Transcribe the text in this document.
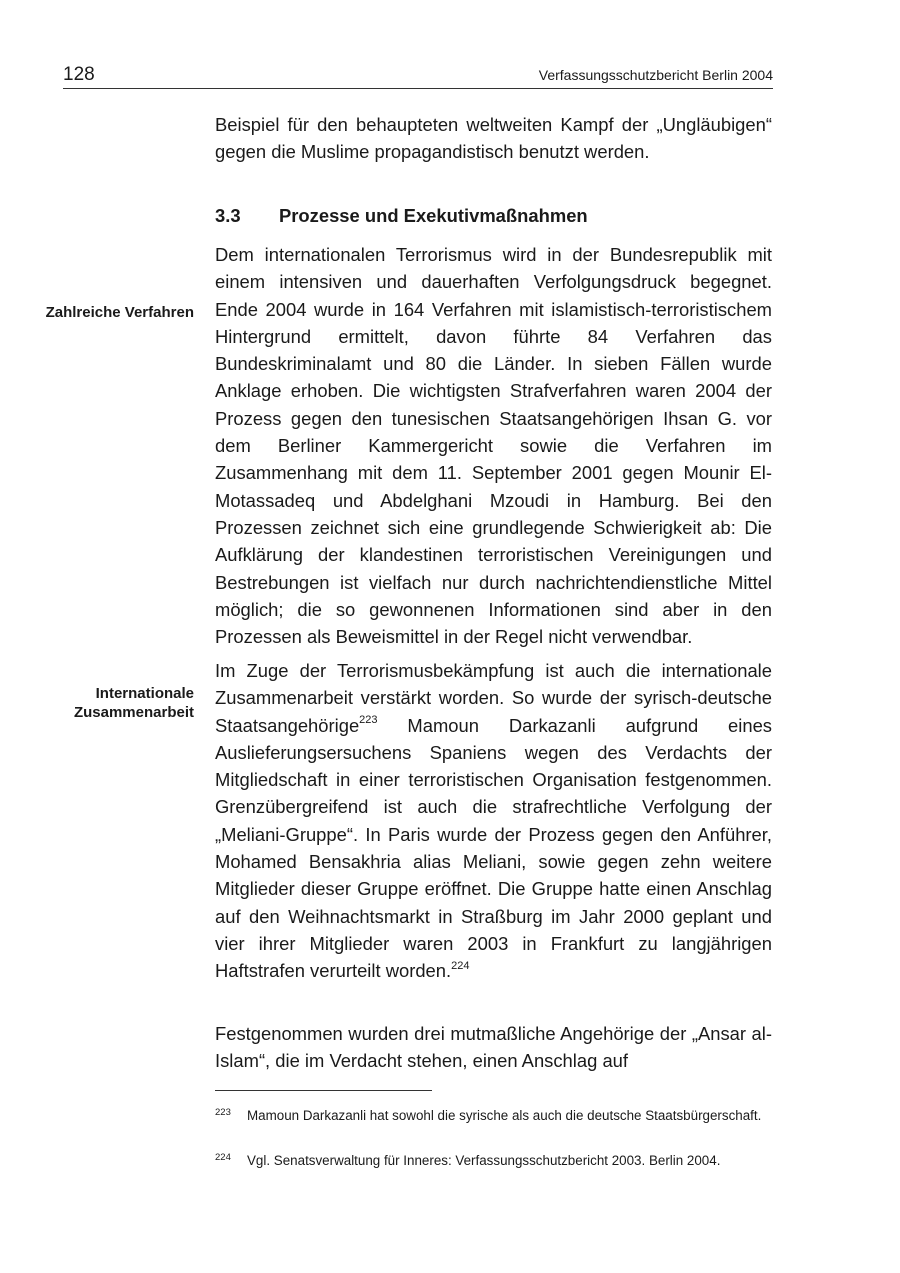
128	Verfassungsschutzbericht Berlin 2004

Beispiel für den behaupteten weltweiten Kampf der „Ungläubigen“ gegen die Muslime propagandistisch benutzt werden.

3.3 Prozesse und Exekutivmaßnahmen
Zahlreiche Verfahren

Dem internationalen Terrorismus wird in der Bundesrepublik mit einem intensiven und dauerhaften Verfolgungsdruck begegnet. Ende 2004 wurde in 164 Verfahren mit islamistisch-terroristischem Hintergrund ermittelt, davon führte 84 Verfahren das Bundeskriminalamt und 80 die Länder. In sieben Fällen wurde Anklage erhoben. Die wichtigsten Strafverfahren waren 2004 der Prozess gegen den tunesischen Staatsangehörigen Ihsan G. vor dem Berliner Kammergericht sowie die Verfahren im Zusammenhang mit dem 11. September 2001 gegen Mounir El-Motassadeq und Abdelghani Mzoudi in Hamburg. Bei den Prozessen zeichnet sich eine grundlegende Schwierigkeit ab: Die Aufklärung der klandestinen terroristischen Vereinigungen und Bestrebungen ist vielfach nur durch nachrichtendienstliche Mittel möglich; die so gewonnenen Informationen sind aber in den Prozessen als Beweismittel in der Regel nicht verwendbar.

Internationale
Zusammenarbeit

Im Zuge der Terrorismusbekämpfung ist auch die internationale Zusammenarbeit verstärkt worden. So wurde der syrisch-deutsche Staatsangehörige$^{223}$ Mamoun Darkazanli aufgrund eines Auslieferungsersuchens Spaniens wegen des Verdachts der Mitgliedschaft in einer terroristischen Organisation festgenommen. Grenzübergreifend ist auch die strafrechtliche Verfolgung der „Meliani-Gruppe“. In Paris wurde der Prozess gegen den Anführer, Mohamed Bensakhria alias Meliani, sowie gegen zehn weitere Mitglieder dieser Gruppe eröffnet. Die Gruppe hatte einen Anschlag auf den Weihnachtsmarkt in Straßburg im Jahr 2000 geplant und vier ihrer Mitglieder waren 2003 in Frankfurt zu langjährigen Haftstrafen verurteilt worden.$^{224}$

Festgenommen wurden drei mutmaßliche Angehörige der „Ansar al-Islam“, die im Verdacht stehen, einen Anschlag auf

223 Mamoun Darkazanli hat sowohl die syrische als auch die deutsche Staatsbürgerschaft.
224 Vgl. Senatsverwaltung für Inneres: Verfassungsschutzbericht 2003. Berlin 2004.
